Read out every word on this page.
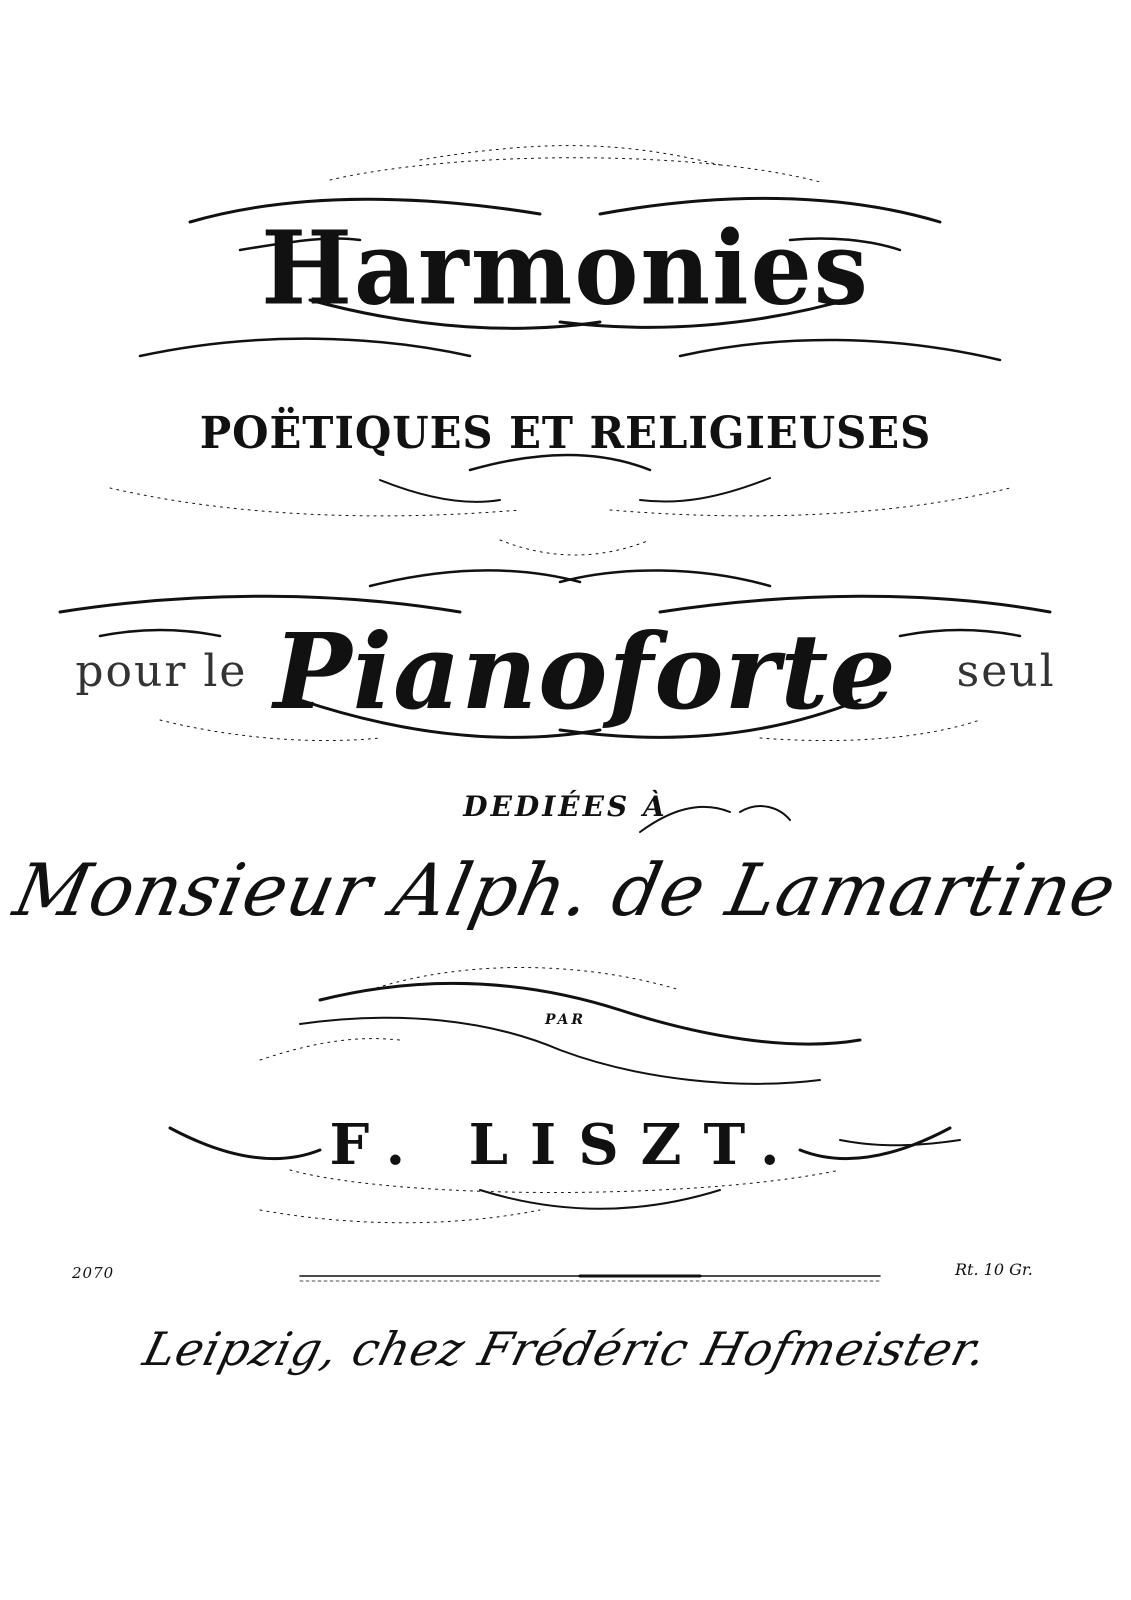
Harmonies
POËTIQUES ET RELIGIEUSES
pour le Pianoforte seul
DEDIÉES À
Monsieur Alph. de Lamartine
PAR
F. LISZT.
2070	Rt. 10 Gr.
Leipzig, chez Frédéric Hofmeister.
